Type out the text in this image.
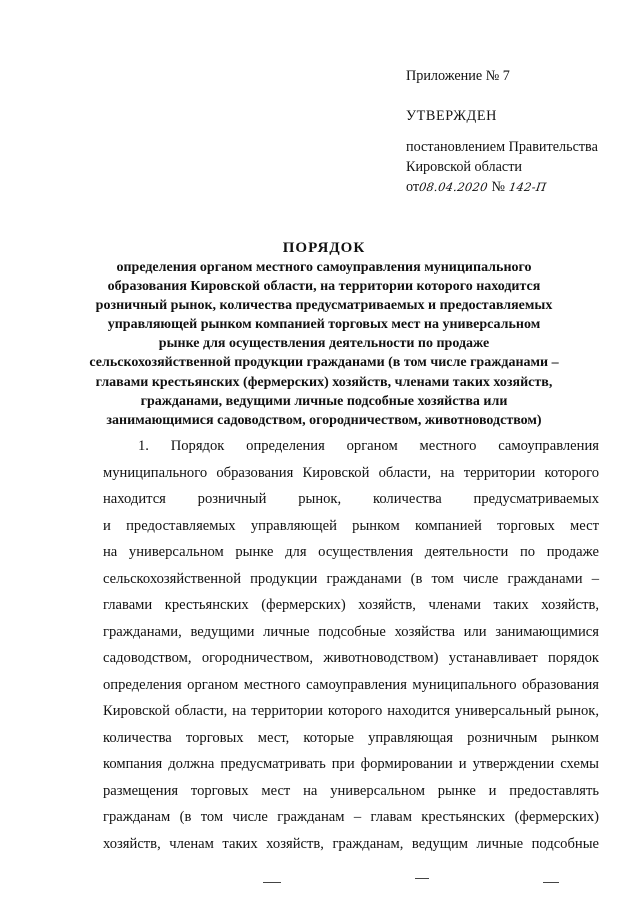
Приложение № 7
УТВЕРЖДЕН
постановлением Правительства
Кировской области
от08.04.2020 № 142-П
ПОРЯДОК
определения органом местного самоуправления муниципального
образования Кировской области, на территории которого находится
розничный рынок, количества предусматриваемых и предоставляемых
управляющей рынком компанией торговых мест на универсальном
рынке для осуществления деятельности по продаже
сельскохозяйственной продукции гражданами (в том числе гражданами –
главами крестьянских (фермерских) хозяйств, членами таких хозяйств,
гражданами, ведущими личные подсобные хозяйства или
занимающимися садоводством, огородничеством, животноводством)
1. Порядок определения органом местного самоуправления
муниципального образования Кировской области, на территории которого
находится розничный рынок, количества предусматриваемых
и предоставляемых управляющей рынком компанией торговых мест
на универсальном рынке для осуществления деятельности по продаже
сельскохозяйственной продукции гражданами (в том числе гражданами –
главами крестьянских (фермерских) хозяйств, членами таких хозяйств,
гражданами, ведущими личные подсобные хозяйства или занимающимися
садоводством, огородничеством, животноводством) устанавливает порядок
определения органом местного самоуправления муниципального образования
Кировской области, на территории которого находится универсальный рынок,
количества торговых мест, которые управляющая розничным рынком
компания должна предусматривать при формировании и утверждении схемы
размещения торговых мест на универсальном рынке и предоставлять
гражданам (в том числе гражданам – главам крестьянских (фермерских)
хозяйств, членам таких хозяйств, гражданам, ведущим личные подсобные
